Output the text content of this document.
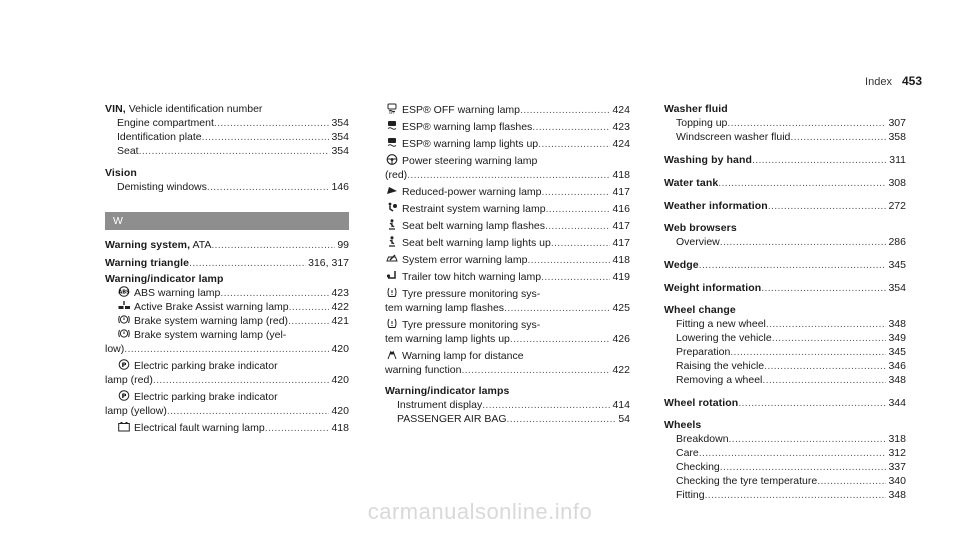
Index 453
VIN, Vehicle identification number
Engine compartment .....	354
Identification plate .....	354
Seat .....	354
Vision
Demisting windows .....	146
W
Warning system, ATA .....	99
Warning triangle .....	316, 317
Warning/indicator lamp
ABS ABS warning lamp .....	423
Active Brake Assist warning lamp .....	422
Brake system warning lamp (red) .....	421
Brake system warning lamp (yel-
low) .....	420
P Electric parking brake indicator
lamp (red) .....	420
P Electric parking brake indicator
lamp (yellow) .....	420
Electrical fault warning lamp .....	418
OFF ESP® OFF warning lamp .....	424
ESP® warning lamp flashes .....	423
ESP® warning lamp lights up .....	424
Power steering warning lamp
(red) .....	418
Reduced-power warning lamp .....	417
Restraint system warning lamp .....	416
Seat belt warning lamp flashes .....	417
Seat belt warning lamp lights up .....	417
System error warning lamp .....	418
Trailer tow hitch warning lamp .....	419
Tyre pressure monitoring sys-
tem warning lamp flashes .....	425
Tyre pressure monitoring sys-
tem warning lamp lights up .....	426
Warning lamp for distance
warning function .....	422
Warning/indicator lamps
Instrument display .....	414
PASSENGER AIR BAG .....	54
Washer fluid
Topping up .....	307
Windscreen washer fluid .....	358
Washing by hand .....	311
Water tank .....	308
Weather information .....	272
Web browsers
Overview .....	286
Wedge .....	345
Weight information .....	354
Wheel change
Fitting a new wheel .....	348
Lowering the vehicle .....	349
Preparation .....	345
Raising the vehicle .....	346
Removing a wheel .....	348
Wheel rotation .....	344
Wheels
Breakdown .....	318
Care .....	312
Checking .....	337
Checking the tyre temperature .....	340
Fitting .....	348
carmanualsonline.info
